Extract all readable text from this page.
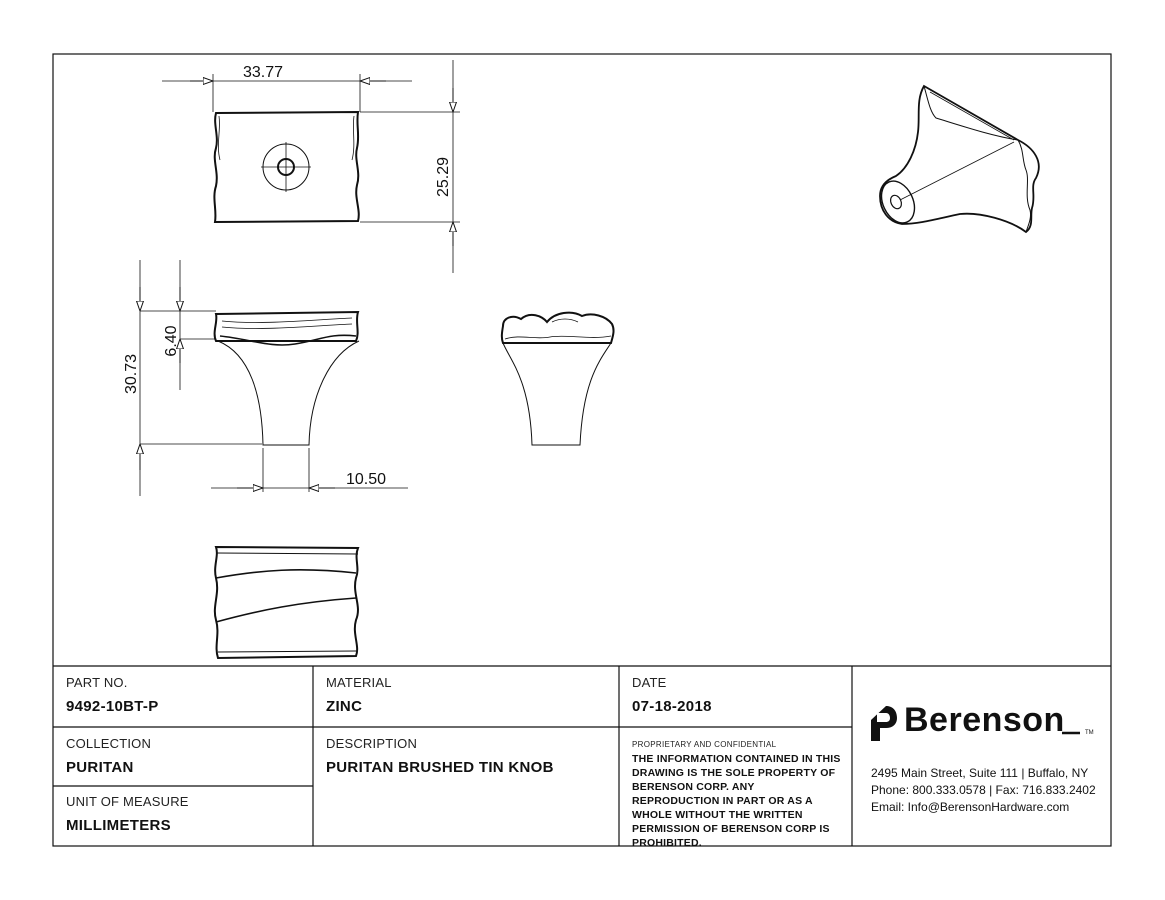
33.77
25.29
30.73
6.40
10.50
PART NO.
9492-10BT-P
MATERIAL
ZINC
DATE
07-18-2018
COLLECTION
PURITAN
DESCRIPTION
PURITAN BRUSHED TIN KNOB
UNIT OF MEASURE
MILLIMETERS
PROPRIETARY AND CONFIDENTIAL
THE INFORMATION CONTAINED IN THIS DRAWING IS THE SOLE PROPERTY OF BERENSON CORP. ANY REPRODUCTION IN PART OR AS A WHOLE WITHOUT THE WRITTEN PERMISSION OF BERENSON CORP IS PROHIBITED.
Berenson	TM
2495 Main Street, Suite 111 | Buffalo, NY
Phone: 800.333.0578 | Fax: 716.833.2402
Email: Info@BerensonHardware.com
